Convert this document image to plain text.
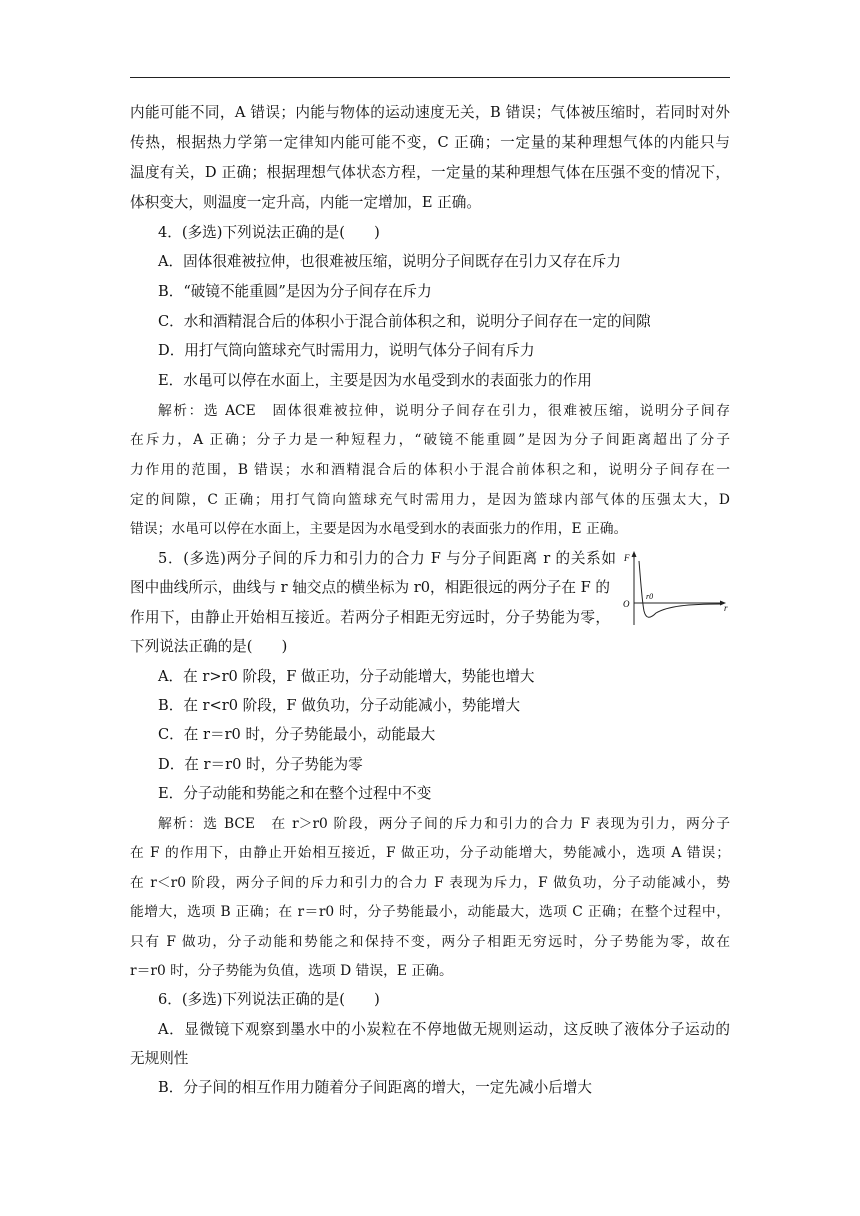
内能可能不同，A 错误；内能与物体的运动速度无关，B 错误；气体被压缩时，若同时对外
传热，根据热力学第一定律知内能可能不变，C 正确；一定量的某种理想气体的内能只与
温度有关，D 正确；根据理想气体状态方程，一定量的某种理想气体在压强不变的情况下，
体积变大，则温度一定升高，内能一定增加，E 正确。
4．(多选)下列说法正确的是(　　)
A．固体很难被拉伸，也很难被压缩，说明分子间既存在引力又存在斥力
B．“破镜不能重圆”是因为分子间存在斥力
C．水和酒精混合后的体积小于混合前体积之和，说明分子间存在一定的间隙
D．用打气筒向篮球充气时需用力，说明气体分子间有斥力
E．水黾可以停在水面上，主要是因为水黾受到水的表面张力的作用
解析：选 ACE　固体很难被拉伸，说明分子间存在引力，很难被压缩，说明分子间存
在斥力，A 正确；分子力是一种短程力，“破镜不能重圆”是因为分子间距离超出了分子
力作用的范围，B 错误；水和酒精混合后的体积小于混合前体积之和，说明分子间存在一
定的间隙，C 正确；用打气筒向篮球充气时需用力，是因为篮球内部气体的压强太大，D
错误；水黾可以停在水面上，主要是因为水黾受到水的表面张力的作用，E 正确。
5．(多选)两分子间的斥力和引力的合力 F 与分子间距离 r 的关系如
图中曲线所示，曲线与 r 轴交点的横坐标为 r0，相距很远的两分子在 F 的
作用下，由静止开始相互接近。若两分子相距无穷远时，分子势能为零，
下列说法正确的是(　　)
F
O	r
r0
A．在 r>r0 阶段，F 做正功，分子动能增大，势能也增大
B．在 r<r0 阶段，F 做负功，分子动能减小，势能增大
C．在 r＝r0 时，分子势能最小，动能最大
D．在 r＝r0 时，分子势能为零
E．分子动能和势能之和在整个过程中不变
解析：选 BCE　在 r＞r0 阶段，两分子间的斥力和引力的合力 F 表现为引力，两分子
在 F 的作用下，由静止开始相互接近，F 做正功，分子动能增大，势能减小，选项 A 错误；
在 r＜r0 阶段，两分子间的斥力和引力的合力 F 表现为斥力，F 做负功，分子动能减小，势
能增大，选项 B 正确；在 r＝r0 时，分子势能最小，动能最大，选项 C 正确；在整个过程中，
只有 F 做功，分子动能和势能之和保持不变，两分子相距无穷远时，分子势能为零，故在
r＝r0 时，分子势能为负值，选项 D 错误，E 正确。
6．(多选)下列说法正确的是(　　)
A．显微镜下观察到墨水中的小炭粒在不停地做无规则运动，这反映了液体分子运动的
无规则性
B．分子间的相互作用力随着分子间距离的增大，一定先减小后增大
